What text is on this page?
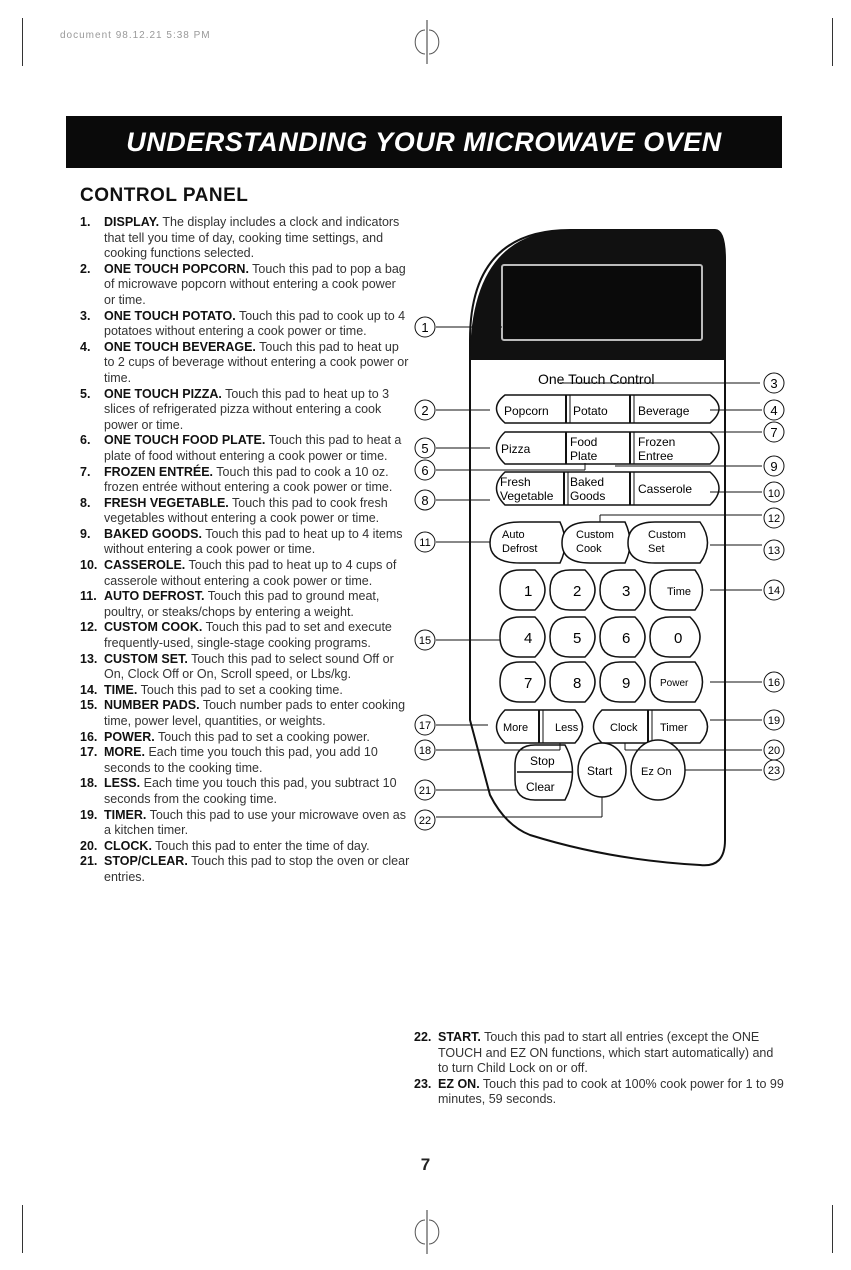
document 98.12.21 5:38 PM
UNDERSTANDING YOUR MICROWAVE OVEN
CONTROL PANEL
1.	DISPLAY. The display includes a clock and indicators that tell you time of day, cooking time settings, and cooking functions selected.
2.	ONE TOUCH POPCORN. Touch this pad to pop a bag of microwave popcorn without entering a cook power or time.
3.	ONE TOUCH POTATO. Touch this pad to cook up to 4 potatoes without entering a cook power or time.
4.	ONE TOUCH BEVERAGE. Touch this pad to heat up to 2 cups of beverage without entering a cook power or time.
5.	ONE TOUCH PIZZA. Touch this pad to heat up to 3 slices of refrigerated pizza without entering a cook power or time.
6.	ONE TOUCH FOOD PLATE. Touch this pad to heat a plate of food without entering a cook power or time.
7.	FROZEN ENTRÉE. Touch this pad to cook a 10 oz. frozen entrée without entering a cook power or time.
8.	FRESH VEGETABLE. Touch this pad to cook fresh vegetables without entering a cook power or time.
9.	BAKED GOODS. Touch this pad to heat up to 4 items without entering a cook power or time.
10. CASSEROLE. Touch this pad to heat up to 4 cups of casserole without entering a cook power or time.
11. AUTO DEFROST. Touch this pad to ground meat, poultry, or steaks/chops by entering a weight.
12. CUSTOM COOK. Touch this pad to set and execute frequently-used, single-stage cooking programs.
13. CUSTOM SET. Touch this pad to select sound Off or On, Clock Off or On, Scroll speed, or Lbs/kg.
14. TIME. Touch this pad to set a cooking time.
15. NUMBER PADS. Touch number pads to enter cooking time, power level, quantities, or weights.
16. POWER. Touch this pad to set a cooking power.
17. MORE. Each time you touch this pad, you add 10 seconds to the cooking time.
18. LESS. Each time you touch this pad, you subtract 10 seconds from the cooking time.
19. TIMER. Touch this pad to use your microwave oven as a kitchen timer.
20. CLOCK. Touch this pad to enter the time of day.
21. STOP/CLEAR. Touch this pad to stop the oven or clear entries.
22. START. Touch this pad to start all entries (except the ONE TOUCH and EZ ON functions, which start automatically) and to turn Child Lock on or off.
23. EZ ON. Touch this pad to cook at 100% cook power for 1 to 99 minutes, 59 seconds.
One Touch Control
Popcorn Potato	Beverage
Pizza	Food
Plate
Frozen
Entree
Fresh
Vegetable
Baked
Goods	Casserole
Auto
Defrost
Custom
Cook
Custom
Set
1	2	3	Time
4	5	6	0
7	8	9	Power
More Less	Clock Timer
Stop
Clear
Start	Ez On
1
2
3
4
5
6
7
8
9
10
11
12
13
14
15
16
17
18
19
20
21
22
23
7
